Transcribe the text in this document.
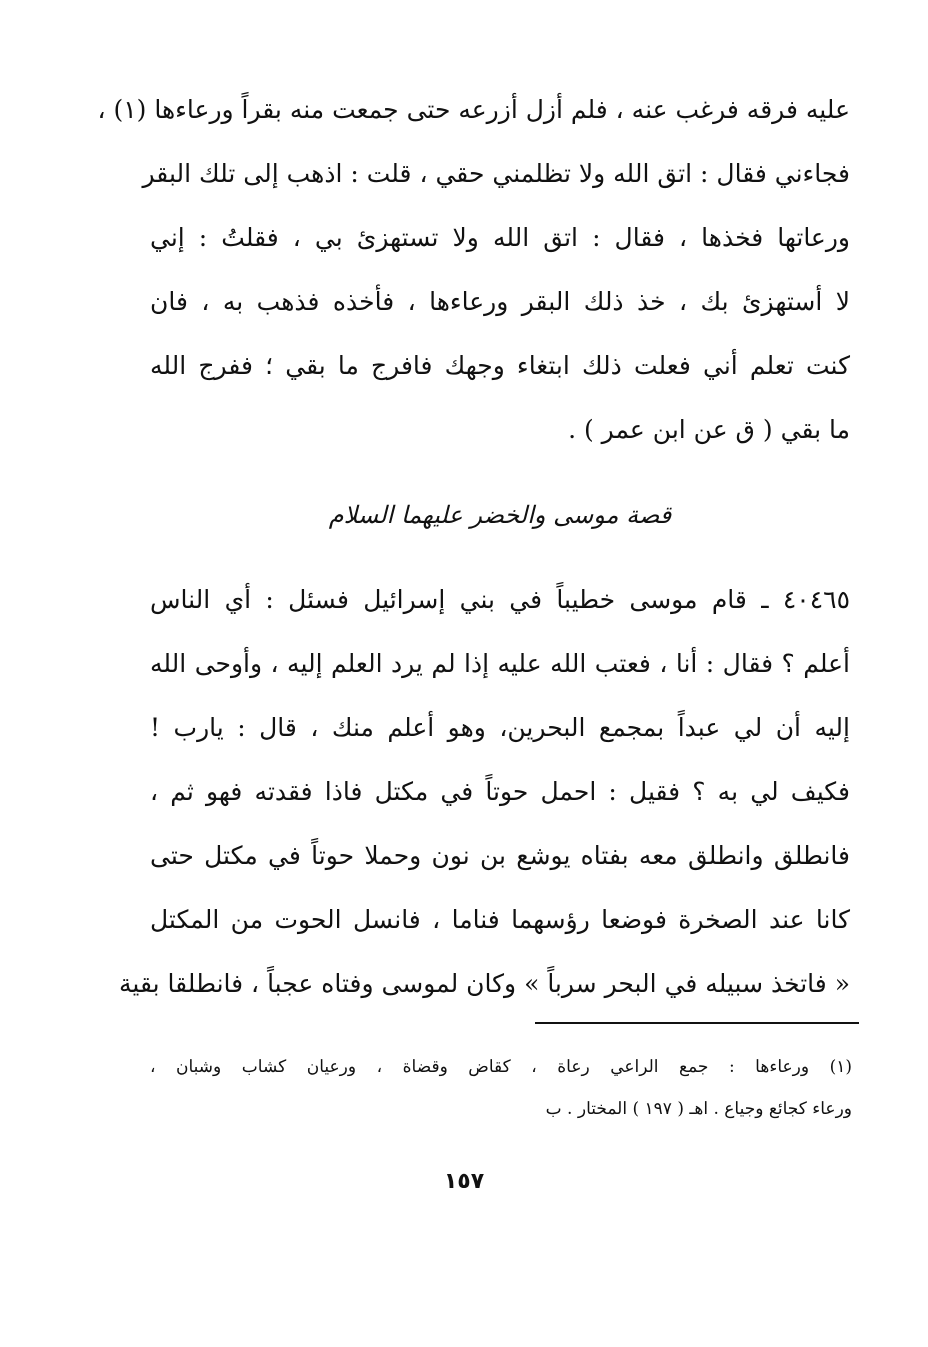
عليه فرقه فرغب عنه ، فلم أزل أزرعه حتى جمعت منه بقراً ورعاءها (١) ،
فجاءني فقال : اتق الله ولا تظلمني حقي ، قلت : اذهب إلى تلك البقر
ورعاتها فخذها ، فقال : اتق الله ولا تستهزئ بي ، فقلتُ : إني
لا أستهزئ بك ، خذ ذلك البقر ورعاءها ، فأخذه فذهب به ، فان
كنت تعلم أني فعلت ذلك ابتغاء وجهك فافرج ما بقي ؛ ففرج الله
ما بقي ( ق عن ابن عمر ) .
قصة موسى والخضر عليهما السلام
٤٠٤٦٥ ـ قام موسى خطيباً في بني إسرائيل فسئل : أي الناس
أعلم ؟ فقال : أنا ، فعتب الله عليه إذا لم يرد العلم إليه ، وأوحى الله
إليه أن لي عبداً بمجمع البحرين، وهو أعلم منك ، قال : يارب !
فكيف لي به ؟ فقيل : احمل حوتاً في مكتل فاذا فقدته فهو ثم ،
فانطلق وانطلق معه بفتاه يوشع بن نون وحملا حوتاً في مكتل حتى
كانا عند الصخرة فوضعا رؤسهما فناما ، فانسل الحوت من المكتل
« فاتخذ سبيله في البحر سرباً » وكان لموسى وفتاه عجباً ، فانطلقا بقية
(١) ورعاءها : جمع الراعي رعاة ، كقاض وقضاة ، ورعيان كشاب وشبان ،
ورعاء كجائع وجياع . اهـ ( ١٩٧ ) المختار . ب
١٥٧
